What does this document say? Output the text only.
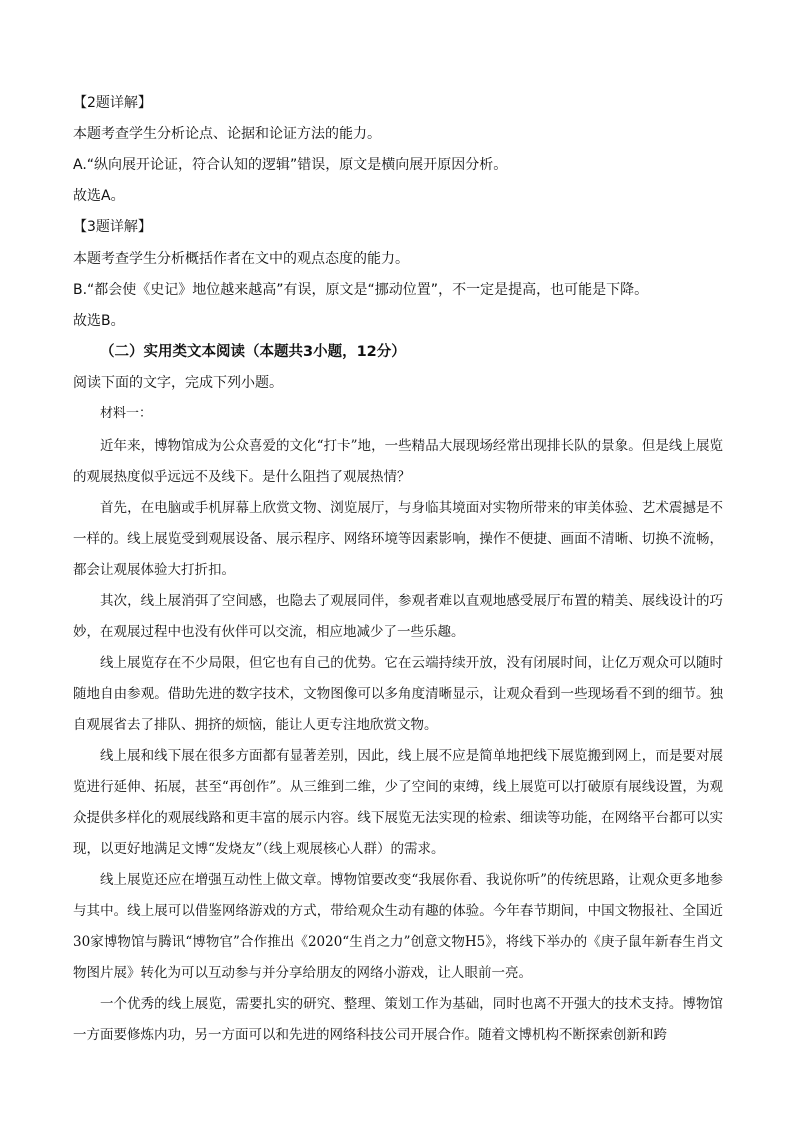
【2题详解】
本题考查学生分析论点、论据和论证方法的能力。
A.“纵向展开论证，符合认知的逻辑”错误，原文是横向展开原因分析。
故选A。
【3题详解】
本题考查学生分析概括作者在文中的观点态度的能力。
B.“都会使《史记》地位越来越高”有误，原文是“挪动位置”，不一定是提高，也可能是下降。
故选B。
（二）实用类文本阅读（本题共3小题，12分）
阅读下面的文字，完成下列小题。
材料一：

近年来，博物馆成为公众喜爱的文化“打卡”地，一些精品大展现场经常出现排长队的景象。但是线上展览的观展热度似乎远远不及线下。是什么阻挡了观展热情？

首先，在电脑或手机屏幕上欣赏文物、浏览展厅，与身临其境面对实物所带来的审美体验、艺术震撼是不一样的。线上展览受到观展设备、展示程序、网络环境等因素影响，操作不便捷、画面不清晰、切换不流畅，都会让观展体验大打折扣。

其次，线上展消弭了空间感，也隐去了观展同伴，参观者难以直观地感受展厅布置的精美、展线设计的巧妙，在观展过程中也没有伙伴可以交流，相应地减少了一些乐趣。

线上展览存在不少局限，但它也有自己的优势。它在云端持续开放，没有闭展时间，让亿万观众可以随时随地自由参观。借助先进的数字技术，文物图像可以多角度清晰显示，让观众看到一些现场看不到的细节。独自观展省去了排队、拥挤的烦恼，能让人更专注地欣赏文物。

线上展和线下展在很多方面都有显著差别，因此，线上展不应是简单地把线下展览搬到网上，而是要对展览进行延伸、拓展，甚至“再创作”。从三维到二维，少了空间的束缚，线上展览可以打破原有展线设置，为观众提供多样化的观展线路和更丰富的展示内容。线下展览无法实现的检索、细读等功能，在网络平台都可以实现，以更好地满足文博“发烧友”（线上观展核心人群）的需求。

线上展览还应在增强互动性上做文章。博物馆要改变“我展你看、我说你听”的传统思路，让观众更多地参与其中。线上展可以借鉴网络游戏的方式，带给观众生动有趣的体验。今年春节期间，中国文物报社、全国近30家博物馆与腾讯“博物官”合作推出《2020“生肖之力”创意文物H5》，将线下举办的《庚子鼠年新春生肖文物图片展》转化为可以互动参与并分享给朋友的网络小游戏，让人眼前一亮。

一个优秀的线上展览，需要扎实的研究、整理、策划工作为基础，同时也离不开强大的技术支持。博物馆一方面要修炼内功，另一方面可以和先进的网络科技公司开展合作。随着文博机构不断探索创新和跨
